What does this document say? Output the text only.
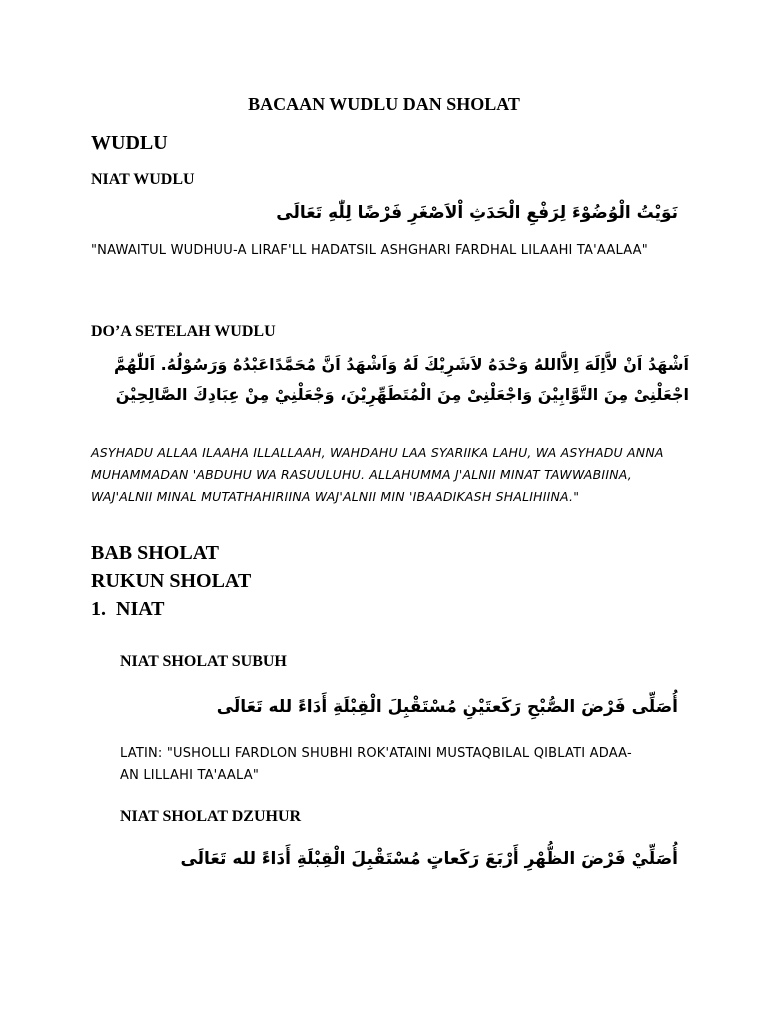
BACAAN WUDLU DAN SHOLAT
WUDLU
NIAT WUDLU

نَوَيْتُ الْوُضُوْءَ لِرَفْعِ الْحَدَثِ اْلاَصْغَرِ فَرْضًا لِلّٰهِ تَعَالَى

"NAWAITUL WUDHUU-A LIRAF'LL HADATSIL ASHGHARI FARDHAL LILAAHI TA'AALAA"

DO’A SETELAH WUDLU

اَشْهَدُ اَنْ لاَّاِلَهَ اِلاَّاللهُ وَحْدَهُ لاَشَرِيْكَ لَهُ وَاَشْهَدُ اَنَّ مُحَمَّدًاعَبْدُهُ وَرَسُوْلُهُ. اَللّٰهُمَّ اجْعَلْنِىْ مِنَ التَّوَّابِيْنَ وَاجْعَلْنِىْ مِنَ الْمُتَطَهِّرِيْنَ، وَجْعَلْنِيْ مِنْ عِبَادِكَ الصَّالِحِيْنَ

ASYHADU ALLAA ILAAHA ILLALLAAH, WAHDAHU LAA SYARIIKA LAHU, WA ASYHADU ANNA MUHAMMADAN 'ABDUHU WA RASUULUHU. ALLAHUMMA J'ALNII MINAT TAWWABIINA, WAJ'ALNII MINAL MUTATHAHIRIINA WAJ'ALNII MIN 'IBAADIKASH SHALIHIINA."

BAB SHOLAT
RUKUN SHOLAT
1.  NIAT
NIAT SHOLAT SUBUH

أُصَلِّى فَرْضَ الصُّبْحِ رَكَعتَيْنِ مُسْتَقْبِلَ الْقِبْلَةِ أَدَاءً لله تَعَالَى

LATIN: "USHOLLI FARDLON SHUBHI ROK'ATAINI MUSTAQBILAL QIBLATI ADAA-AN LILLAHI TA'AALA"

NIAT SHOLAT DZUHUR

أُصَلِّيْ فَرْضَ الظُّهْرِ أَرْبَعَ رَكَعاتٍ مُسْتَقْبِلَ الْقِبْلَةِ أَدَاءً لله تَعَالَى
